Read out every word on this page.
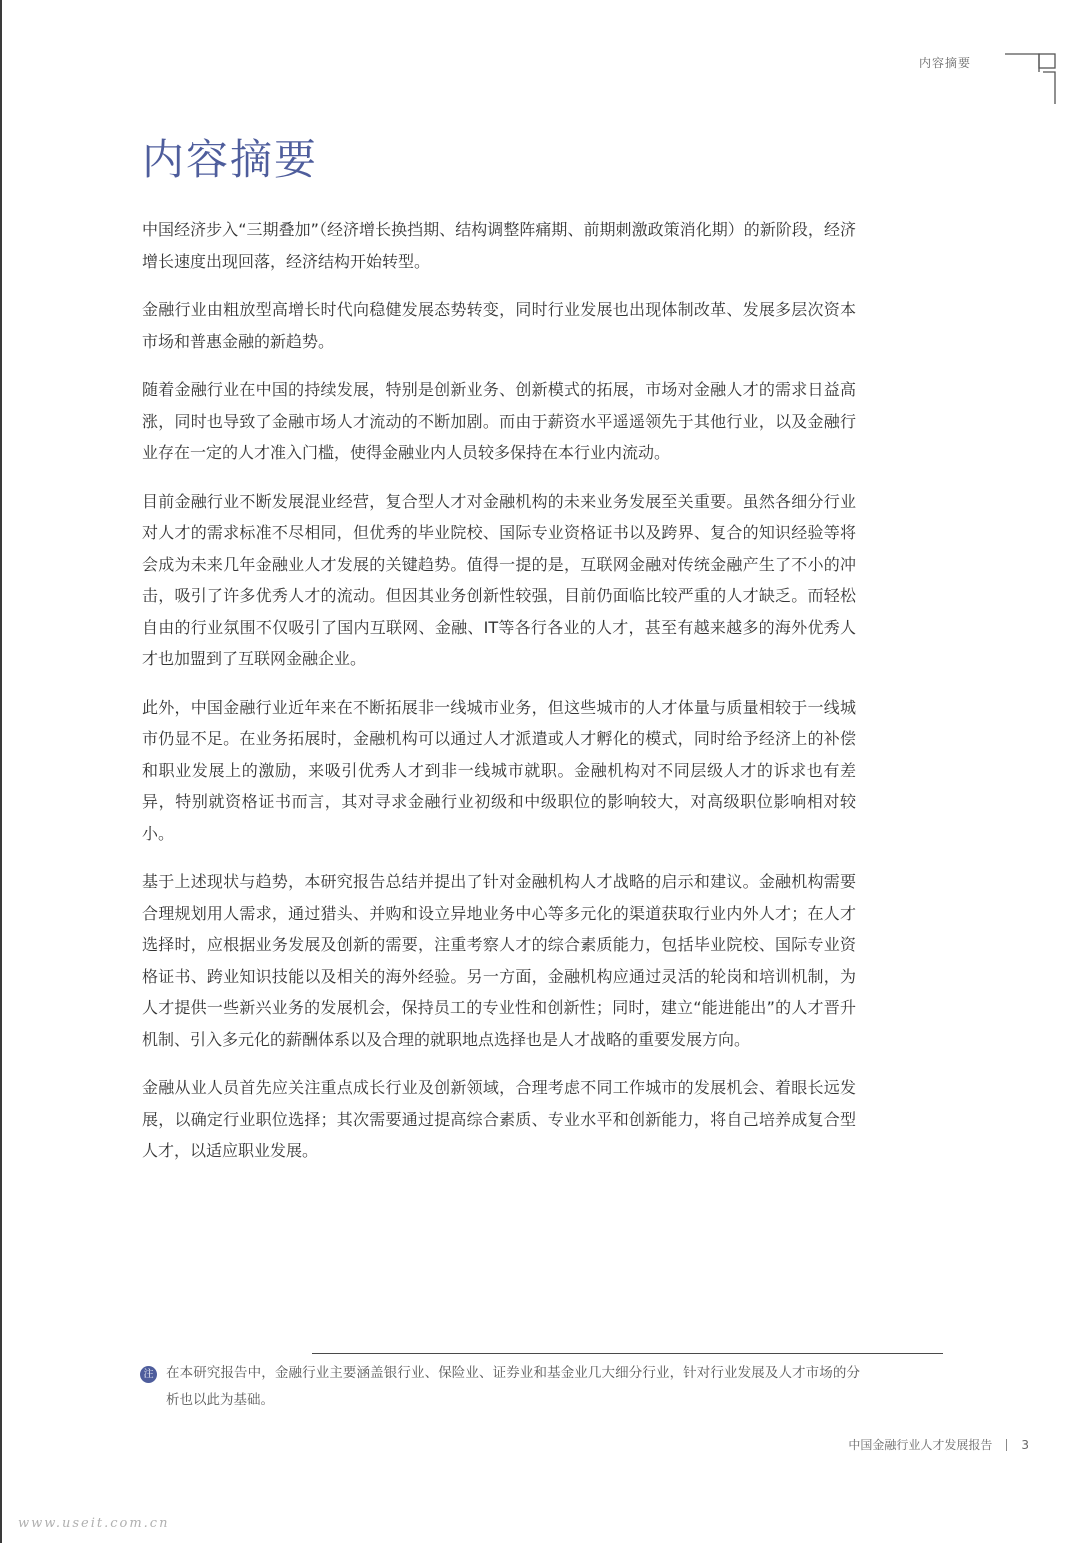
内容摘要
内容摘要

中国经济步入“三期叠加”（经济增长换挡期、结构调整阵痛期、前期刺激政策消化期）的新阶段，经济增长速度出现回落，经济结构开始转型。

金融行业由粗放型高增长时代向稳健发展态势转变，同时行业发展也出现体制改革、发展多层次资本市场和普惠金融的新趋势。

随着金融行业在中国的持续发展，特别是创新业务、创新模式的拓展，市场对金融人才的需求日益高涨，同时也导致了金融市场人才流动的不断加剧。而由于薪资水平遥遥领先于其他行业，以及金融行业存在一定的人才准入门槛，使得金融业内人员较多保持在本行业内流动。

目前金融行业不断发展混业经营，复合型人才对金融机构的未来业务发展至关重要。虽然各细分行业对人才的需求标准不尽相同，但优秀的毕业院校、国际专业资格证书以及跨界、复合的知识经验等将会成为未来几年金融业人才发展的关键趋势。值得一提的是，互联网金融对传统金融产生了不小的冲击，吸引了许多优秀人才的流动。但因其业务创新性较强，目前仍面临比较严重的人才缺乏。而轻松自由的行业氛围不仅吸引了国内互联网、金融、IT等各行各业的人才，甚至有越来越多的海外优秀人才也加盟到了互联网金融企业。

此外，中国金融行业近年来在不断拓展非一线城市业务，但这些城市的人才体量与质量相较于一线城市仍显不足。在业务拓展时，金融机构可以通过人才派遣或人才孵化的模式，同时给予经济上的补偿和职业发展上的激励，来吸引优秀人才到非一线城市就职。金融机构对不同层级人才的诉求也有差异，特别就资格证书而言，其对寻求金融行业初级和中级职位的影响较大，对高级职位影响相对较小。

基于上述现状与趋势，本研究报告总结并提出了针对金融机构人才战略的启示和建议。金融机构需要合理规划用人需求，通过猎头、并购和设立异地业务中心等多元化的渠道获取行业内外人才；在人才选择时，应根据业务发展及创新的需要，注重考察人才的综合素质能力，包括毕业院校、国际专业资格证书、跨业知识技能以及相关的海外经验。另一方面，金融机构应通过灵活的轮岗和培训机制，为人才提供一些新兴业务的发展机会，保持员工的专业性和创新性；同时，建立“能进能出”的人才晋升机制、引入多元化的薪酬体系以及合理的就职地点选择也是人才战略的重要发展方向。

金融从业人员首先应关注重点成长行业及创新领域，合理考虑不同工作城市的发展机会、着眼长远发展，以确定行业职位选择；其次需要通过提高综合素质、专业水平和创新能力，将自己培养成复合型人才，以适应职业发展。

注 在本研究报告中，金融行业主要涵盖银行业、保险业、证券业和基金业几大细分行业，针对行业发展及人才市场的分析也以此为基础。
中国金融行业人才发展报告 3
www.useit.com.cn
